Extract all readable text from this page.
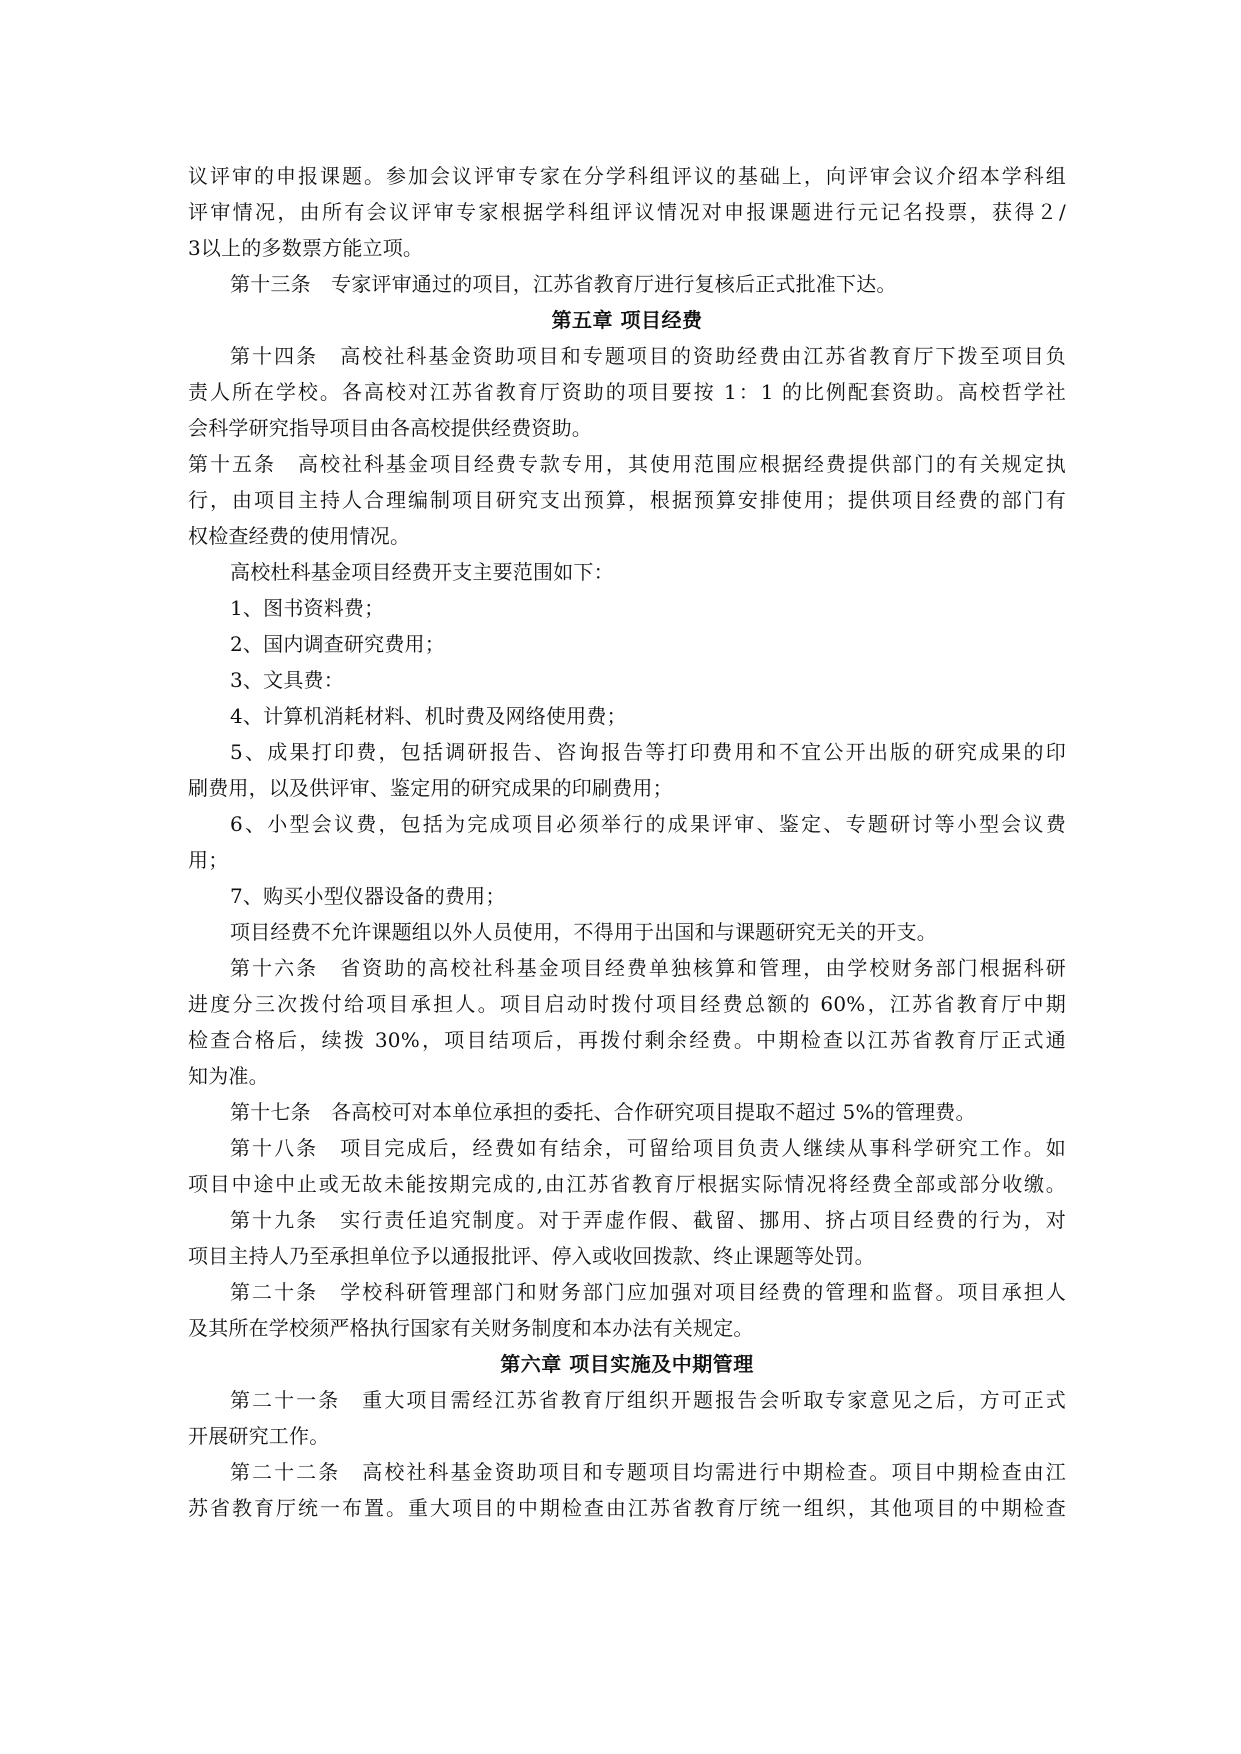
议评审的申报课题。参加会议评审专家在分学科组评议的基础上，向评审会议介绍本学科组
评审情况，由所有会议评审专家根据学科组评议情况对申报课题进行元记名投票，获得２/
3以上的多数票方能立项。
第十三条　专家评审通过的项目，江苏省教育厅进行复核后正式批准下达。
第五章 项目经费
第十四条　高校社科基金资助项目和专题项目的资助经费由江苏省教育厅下拨至项目负
责人所在学校。各高校对江苏省教育厅资助的项目要按 1：1 的比例配套资助。高校哲学社
会科学研究指导项目由各高校提供经费资助。
第十五条　高校社科基金项目经费专款专用，其使用范围应根据经费提供部门的有关规定执
行，由项目主持人合理编制项目研究支出预算，根据预算安排使用；提供项目经费的部门有
权检查经费的使用情况。
高校杜科基金项目经费开支主要范围如下：
1、图书资料费；
2、国内调查研究费用；
3、文具费：
4、计算机消耗材料、机时费及网络使用费；
5、成果打印费，包括调研报告、咨询报告等打印费用和不宜公开出版的研究成果的印
刷费用，以及供评审、鉴定用的研究成果的印刷费用；
6、小型会议费，包括为完成项目必须举行的成果评审、鉴定、专题研讨等小型会议费
用；
7、购买小型仪器设备的费用；
项目经费不允许课题组以外人员使用，不得用于出国和与课题研究无关的开支。
第十六条　省资助的高校社科基金项目经费单独核算和管理，由学校财务部门根据科研
进度分三次拨付给项目承担人。项目启动时拨付项目经费总额的 60%，江苏省教育厅中期
检查合格后，续拨 30%，项目结项后，再拨付剩余经费。中期检查以江苏省教育厅正式通
知为准。
第十七条　各高校可对本单位承担的委托、合作研究项目提取不超过 5%的管理费。
第十八条　项目完成后，经费如有结余，可留给项目负责人继续从事科学研究工作。如
项目中途中止或无故未能按期完成的,由江苏省教育厅根据实际情况将经费全部或部分收缴。
第十九条　实行责任追究制度。对于弄虚作假、截留、挪用、挤占项目经费的行为，对
项目主持人乃至承担单位予以通报批评、停入或收回拨款、终止课题等处罚。
第二十条　学校科研管理部门和财务部门应加强对项目经费的管理和监督。项目承担人
及其所在学校须严格执行国家有关财务制度和本办法有关规定。
第六章 项目实施及中期管理
第二十一条　重大项目需经江苏省教育厅组织开题报告会听取专家意见之后，方可正式
开展研究工作。
第二十二条　高校社科基金资助项目和专题项目均需进行中期检查。项目中期检查由江
苏省教育厅统一布置。重大项目的中期检查由江苏省教育厅统一组织，其他项目的中期检查
